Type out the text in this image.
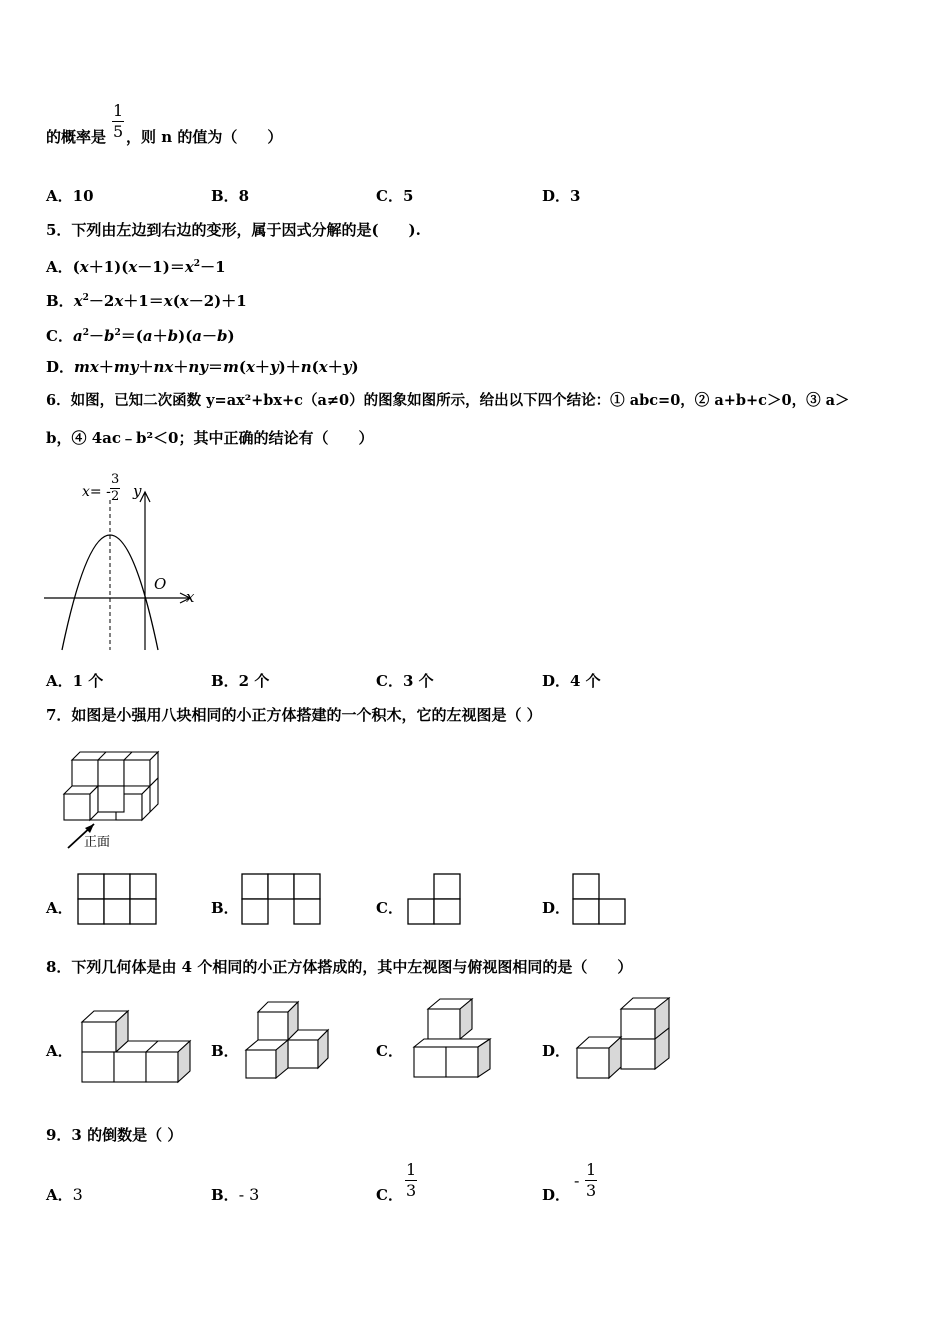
$\frac{1}{5}$
的概率是 ，则 n 的值为（　　）
A．10	B．8	C．5	D．3
5．下列由左边到右边的变形，属于因式分解的是(　　).
A．$(x+1)(x-1)=x^2-1$
B．$x^2-2x+1=x(x-2)+1$
C．$a^2-b^2=(a+b)(a-b)$
D．mx＋my＋nx＋ny＝m(x＋y)＋n(x＋y)
6．如图，已知二次函数 y=ax²+bx+c（a≠0）的图象如图所示，给出以下四个结论：① abc=0，② a+b+c＞0，③ a＞
b，④ 4ac﹣b²＜0；其中正确的结论有（　　）
$x= - \frac{3}{2}$ y
O
x
A．1 个	B．2 个	C．3 个	D．4 个
7．如图是小强用八块相同的小正方体搭建的一个积木，它的左视图是（ ）
正面
A．	B．	C．	D．
8．下列几何体是由 4 个相同的小正方体搭成的，其中左视图与俯视图相同的是（　　）
A．	B．	C．	D．
9．3 的倒数是（ ）
A．3	B．- 3	C． $\frac{1}{3}$	D．
- $\frac{1}{3}$
